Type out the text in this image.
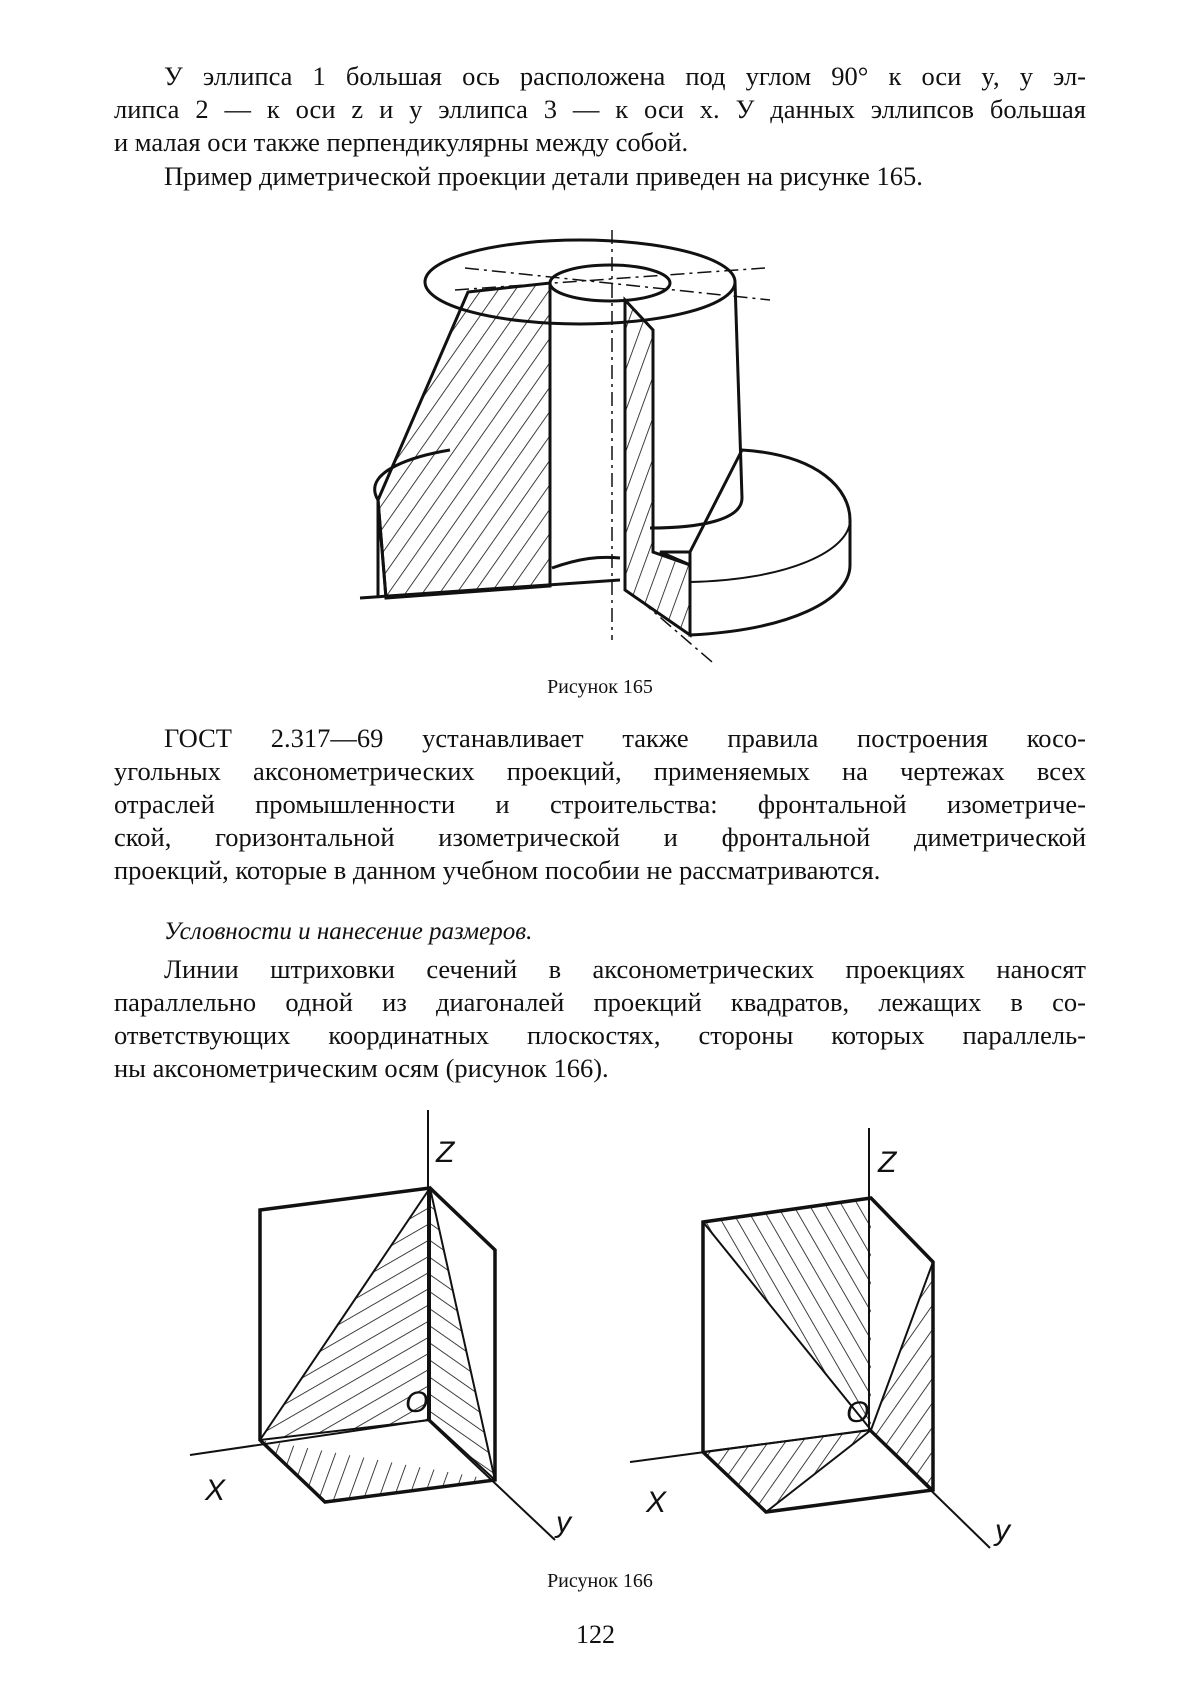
У эллипса 1 большая ось расположена под углом 90° к оси y, у эл-
липса 2 — к оси z и у эллипса 3 — к оси x. У данных эллипсов большая
и малая оси также перпендикулярны между собой.
Пример диметрической проекции детали приведен на рисунке 165.
Рисунок 165
ГОСТ 2.317—69 устанавливает также правила построения косо-
угольных аксонометрических проекций, применяемых на чертежах всех
отраслей промышленности и строительства: фронтальной изометриче-
ской, горизонтальной изометрической и фронтальной диметрической
проекций, которые в данном учебном пособии не рассматриваются.
Условности и нанесение размеров.
Линии штриховки сечений в аксонометрических проекциях наносят
параллельно одной из диагоналей проекций квадратов, лежащих в со-
ответствующих координатных плоскостях, стороны которых параллель-
ны аксонометрическим осям (рисунок 166).
Z
O
X
y
Z
O
X
y
Рисунок 166
122
